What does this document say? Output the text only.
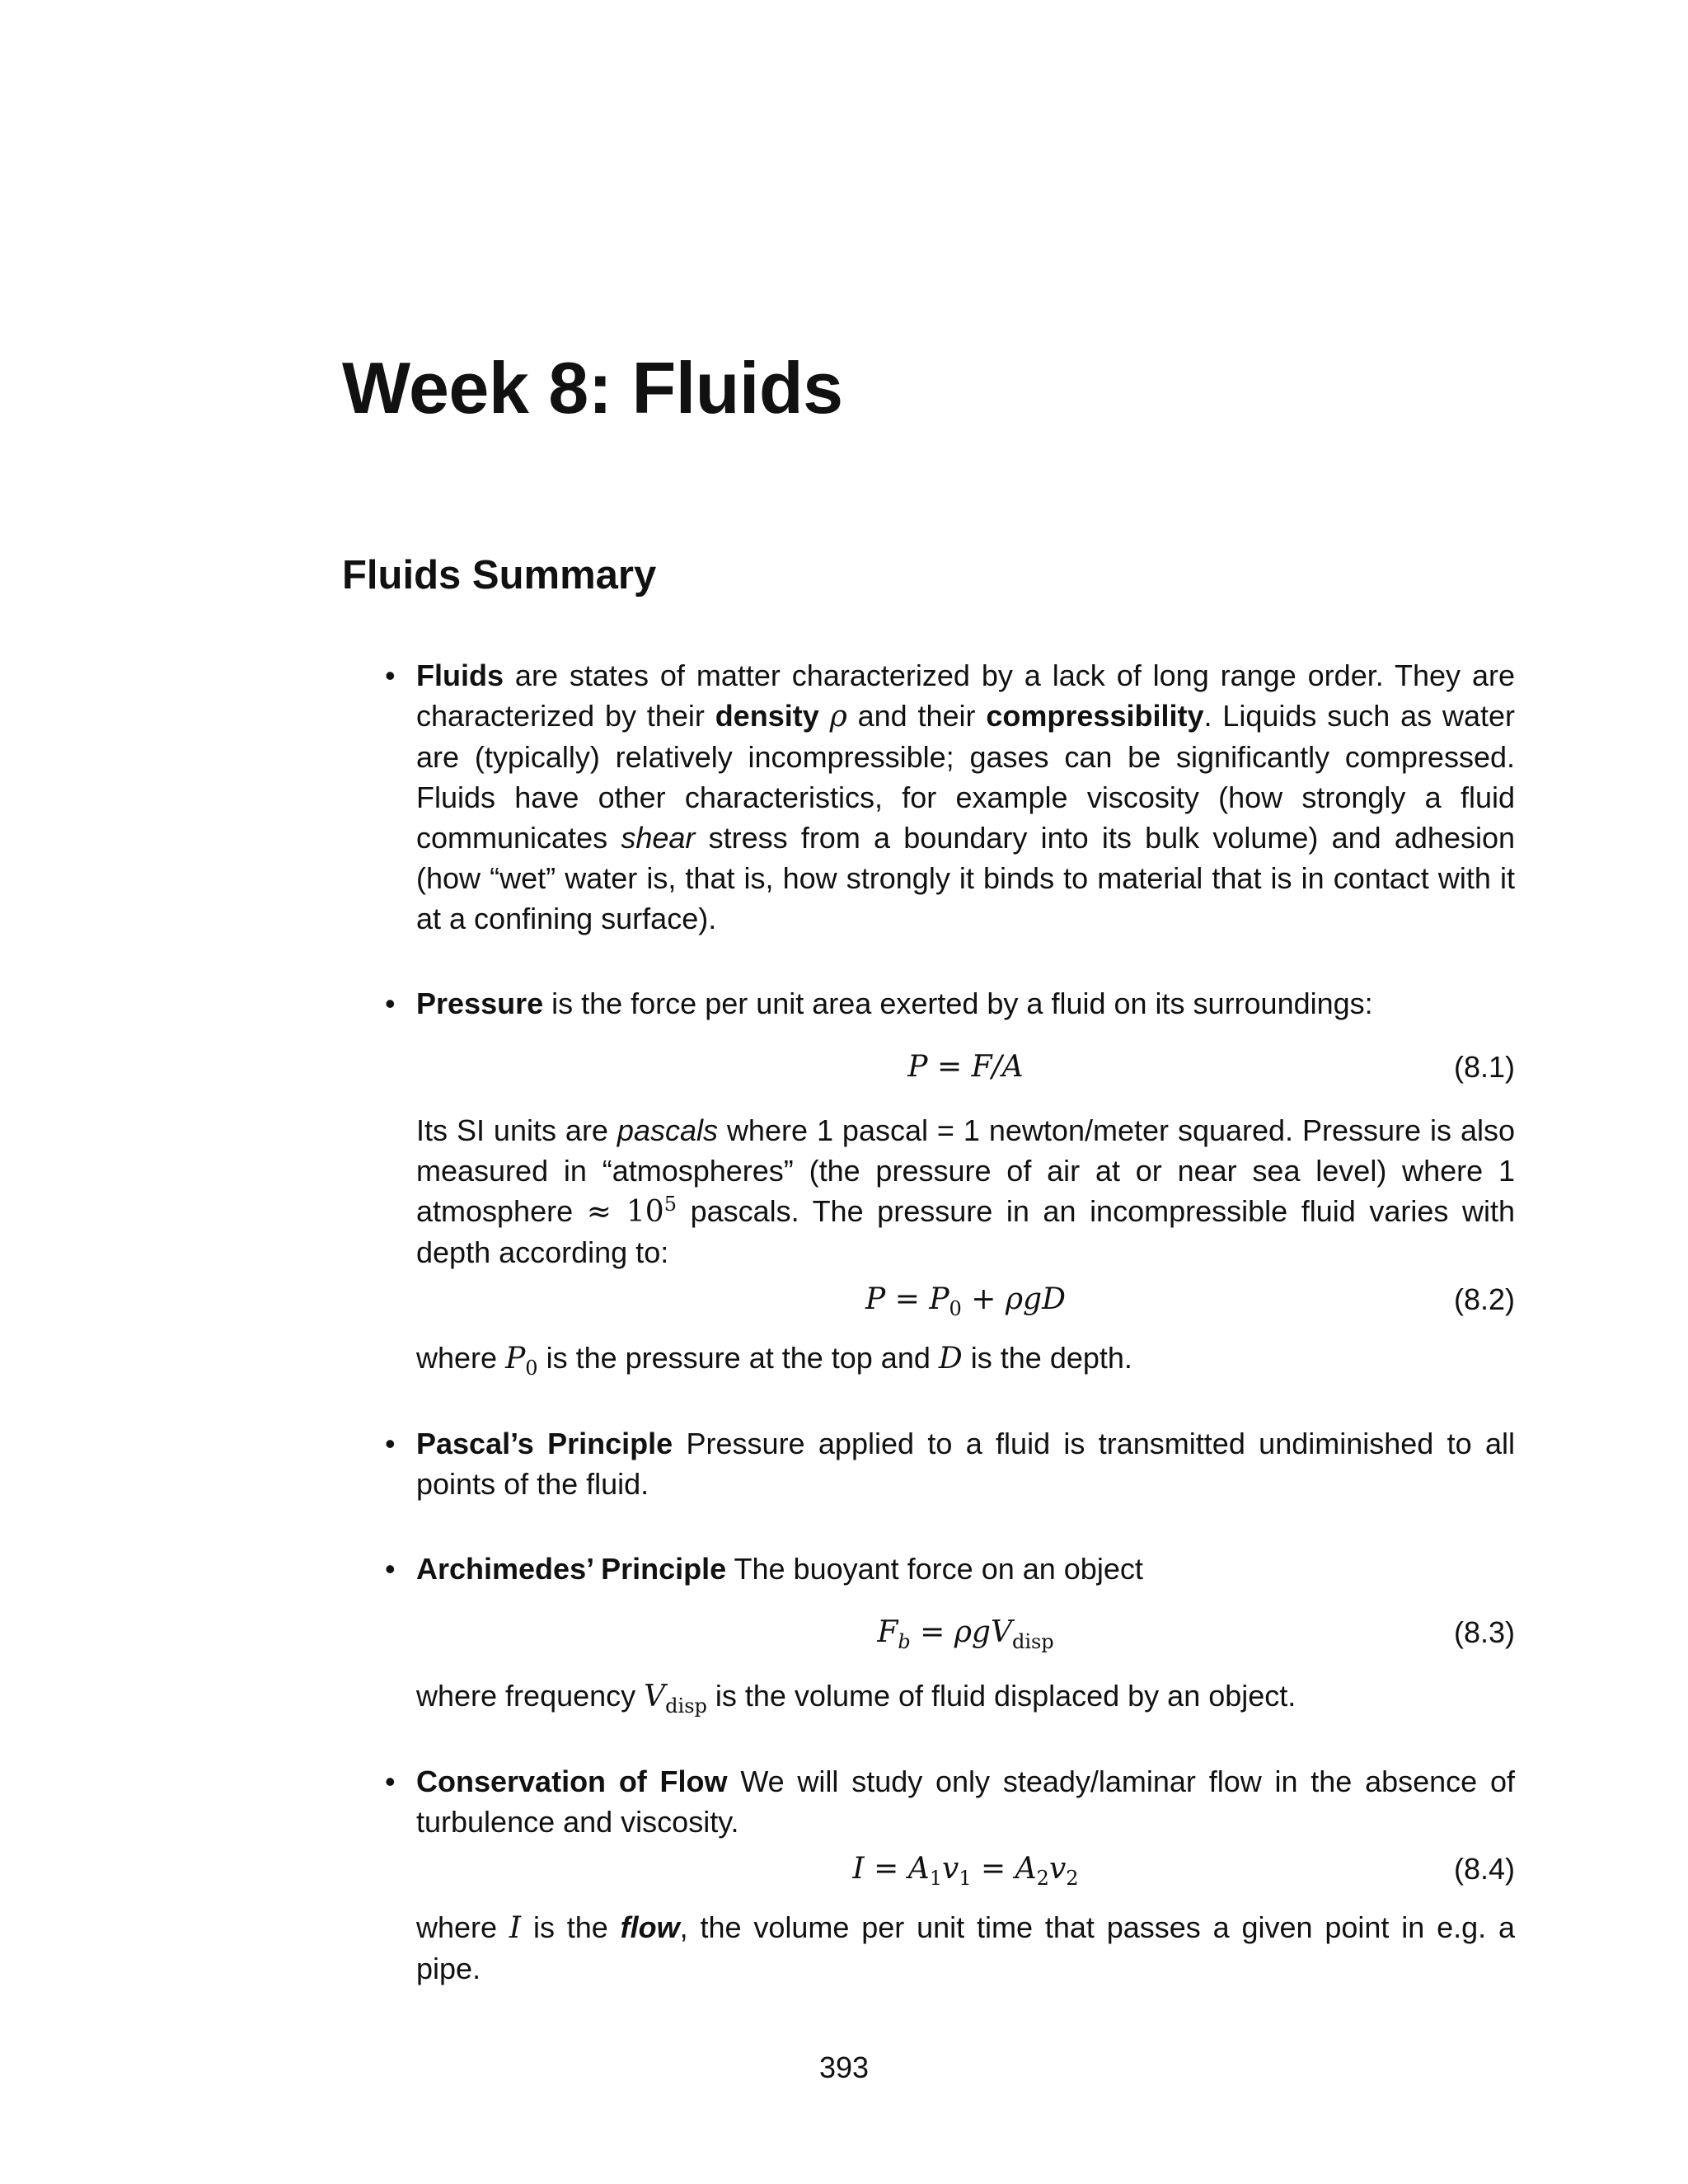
Week 8: Fluids
Fluids Summary
• Fluids are states of matter characterized by a lack of long range order. They are characterized by their density ρ and their compressibility. Liquids such as water are (typically) relatively incompressible; gases can be significantly compressed. Fluids have other characteristics, for example viscosity (how strongly a fluid communicates shear stress from a boundary into its bulk volume) and adhesion (how “wet” water is, that is, how strongly it binds to material that is in contact with it at a confining surface).

• Pressure is the force per unit area exerted by a fluid on its surroundings:

P = F/A	(8.1)

Its SI units are pascals where 1 pascal = 1 newton/meter squared. Pressure is also measured in “atmospheres” (the pressure of air at or near sea level) where 1 atmosphere ≈ $10^5$ pascals. The pressure in an incompressible fluid varies with depth according to:

$P = P_0 + \rho gD$	(8.2)

where $P_0$ is the pressure at the top and D is the depth.

• Pascal’s Principle Pressure applied to a fluid is transmitted undiminished to all points of the fluid.

• Archimedes’ Principle The buoyant force on an object

$F_b = \rho gV_{disp}$	(8.3)

where frequency $V_{disp}$ is the volume of fluid displaced by an object.

• Conservation of Flow We will study only steady/laminar flow in the absence of turbulence and viscosity.

$I = A_1v_1 = A_2v_2$	(8.4)

where I is the flow, the volume per unit time that passes a given point in e.g. a pipe.

393
